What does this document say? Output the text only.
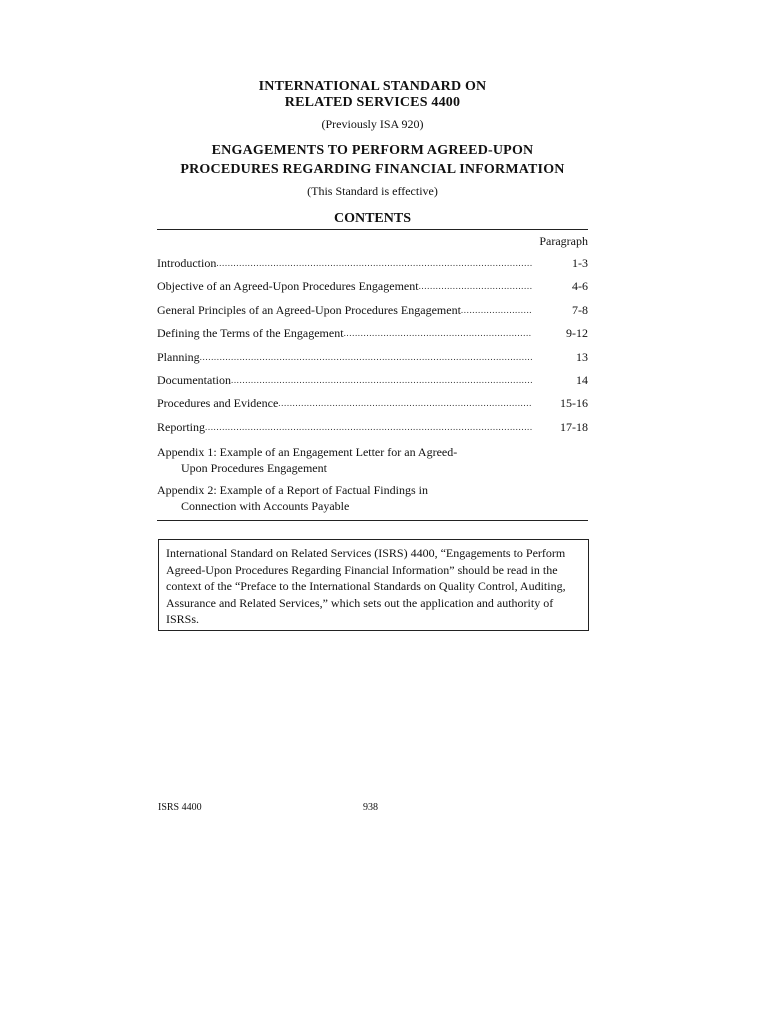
INTERNATIONAL STANDARD ON
RELATED SERVICES 4400
(Previously ISA 920)
ENGAGEMENTS TO PERFORM AGREED-UPON
PROCEDURES REGARDING FINANCIAL INFORMATION
(This Standard is effective)
CONTENTS
Paragraph
Introduction .....	1-3
Objective of an Agreed-Upon Procedures Engagement .....	4-6
General Principles of an Agreed-Upon Procedures Engagement .....	7-8
Defining the Terms of the Engagement .....	9-12
Planning .....	13
Documentation .....	14
Procedures and Evidence .....	15-16
Reporting .....	17-18
Appendix 1: Example of an Engagement Letter for an Agreed-
Upon Procedures Engagement
Appendix 2: Example of a Report of Factual Findings in
Connection with Accounts Payable
International Standard on Related Services (ISRS) 4400, “Engagements to Perform Agreed-Upon Procedures Regarding Financial Information” should be read in the context of the “Preface to the International Standards on Quality Control, Auditing, Assurance and Related Services,” which sets out the application and authority of ISRSs.
ISRS 4400	938
